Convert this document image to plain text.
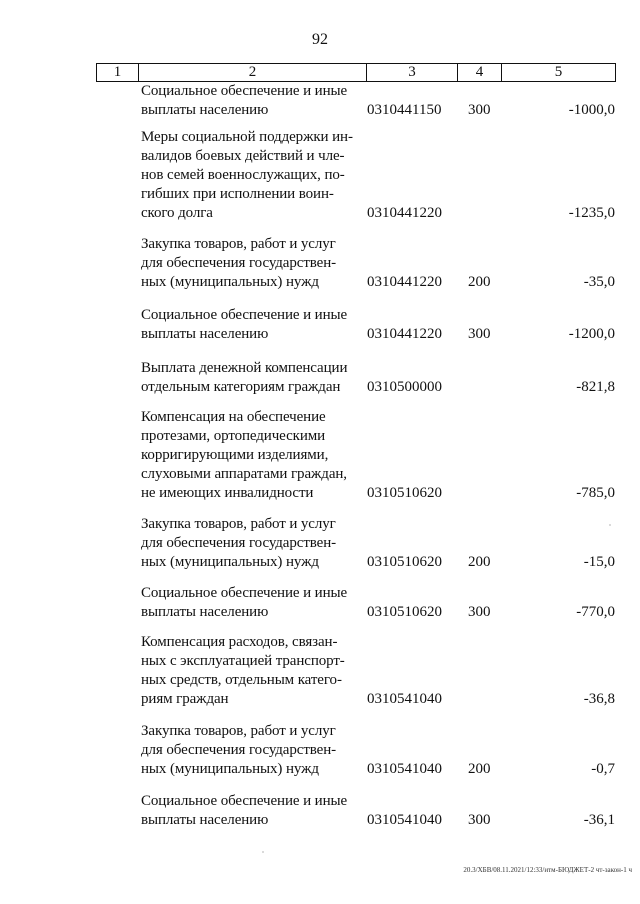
92
1	2	3	4	5
Социальное обеспечение и иные
выплаты населению	0310441150 300	-1000,0
Меры социальной поддержки ин-
валидов боевых действий и чле-
нов семей военнослужащих, по-
гибших при исполнении воин-
ского долга	0310441220	-1235,0
Закупка товаров, работ и услуг
для обеспечения государствен-
ных (муниципальных) нужд	0310441220 200	-35,0
Социальное обеспечение и иные
выплаты населению	0310441220 300	-1200,0
Выплата денежной компенсации
отдельным категориям граждан	0310500000	-821,8
Компенсация на обеспечение
протезами, ортопедическими
корригирующими изделиями,
слуховыми аппаратами граждан,
не имеющих инвалидности	0310510620	-785,0
Закупка товаров, работ и услуг
для обеспечения государствен-
ных (муниципальных) нужд	0310510620 200	-15,0
Социальное обеспечение и иные
выплаты населению	0310510620 300	-770,0
Компенсация расходов, связан-
ных с эксплуатацией транспорт-
ных средств, отдельным катего-
риям граждан	0310541040	-36,8
Закупка товаров, работ и услуг
для обеспечения государствен-
ных (муниципальных) нужд	0310541040 200	-0,7
Социальное обеспечение и иные
выплаты населению	0310541040 300	-36,1
20.3/ХБВ/08.11.2021/12:33/итм-БЮДЖЕТ-2 чт-закон-1 ч
